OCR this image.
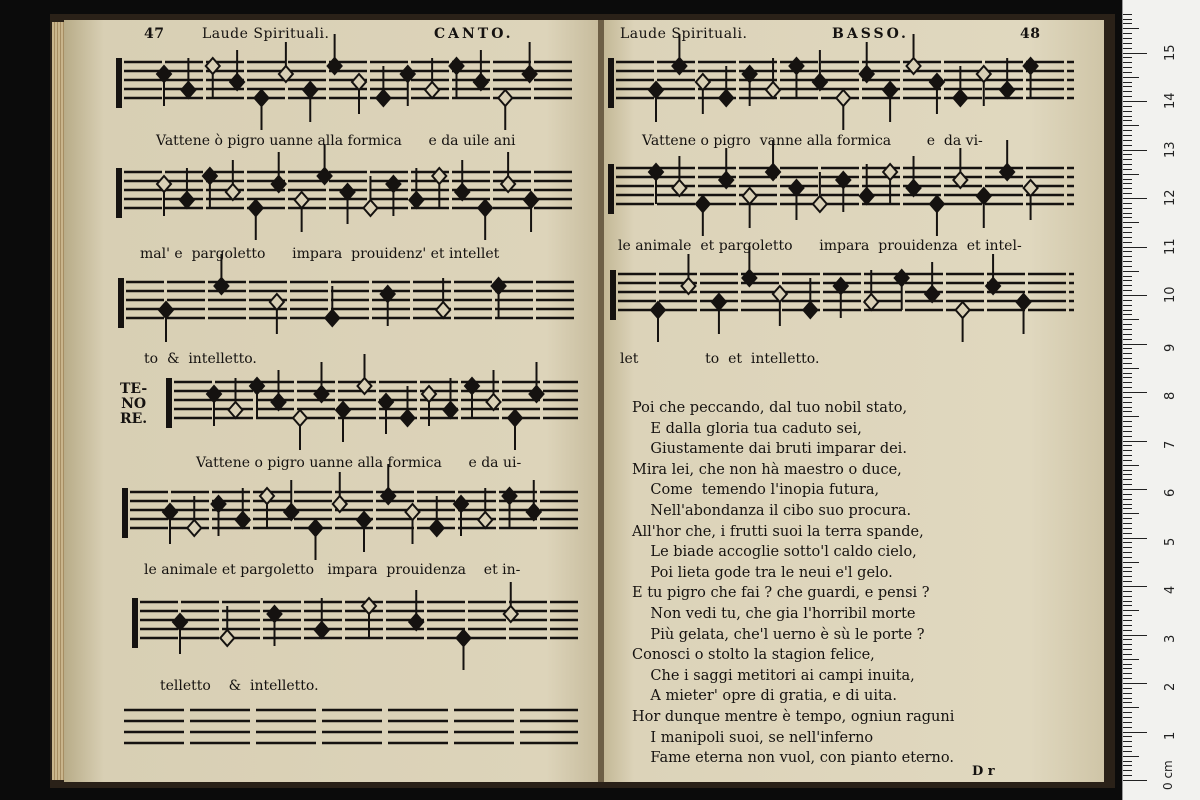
47	Laude Spirituali.	CANTO.
Vattene ò pigro uanne alla formica      e da uile ani
mal' e  pargoletto      impara  prouidenz' et intellet
to  &  intelletto.
TE-
NO
RE.
Vattene o pigro uanne alla formica      e da ui-
le animale et pargoletto   impara  prouidenza    et in-
telletto    &  intelletto.
Laude Spirituali.	BASSO.	48
Vattene o pigro  vanne alla formica        e  da vi-
le animale  et pargoletto      impara  prouidenza  et intel-
let               to  et  intelletto.
Poi che peccando, dal tuo nobil stato,
E dalla gloria tua caduto sei,
Giustamente dai bruti imparar dei.
Mira lei, che non hà maestro o duce,
Come  temendo l'inopia futura,
Nell'abondanza il cibo suo procura.
All'hor che, i frutti suoi la terra spande,
Le biade accoglie sotto'l caldo cielo,
Poi lieta gode tra le neui e'l gelo.
E tu pigro che fai ? che guardi, e pensi ?
Non vedi tu, che gia l'horribil morte
Più gelata, che'l uerno è sù le porte ?
Conosci o stolto la stagion felice,
Che i saggi metitori ai campi inuita,
A mieter' opre di gratia, e di uita.
Hor dunque mentre è tempo, ogniun raguni
I manipoli suoi, se nell'inferno
Fame eterna non vuol, con pianto eterno.
D r	0 cm
1
2
3
4
5
6
7
8
9
10
11
12
13
14
15
